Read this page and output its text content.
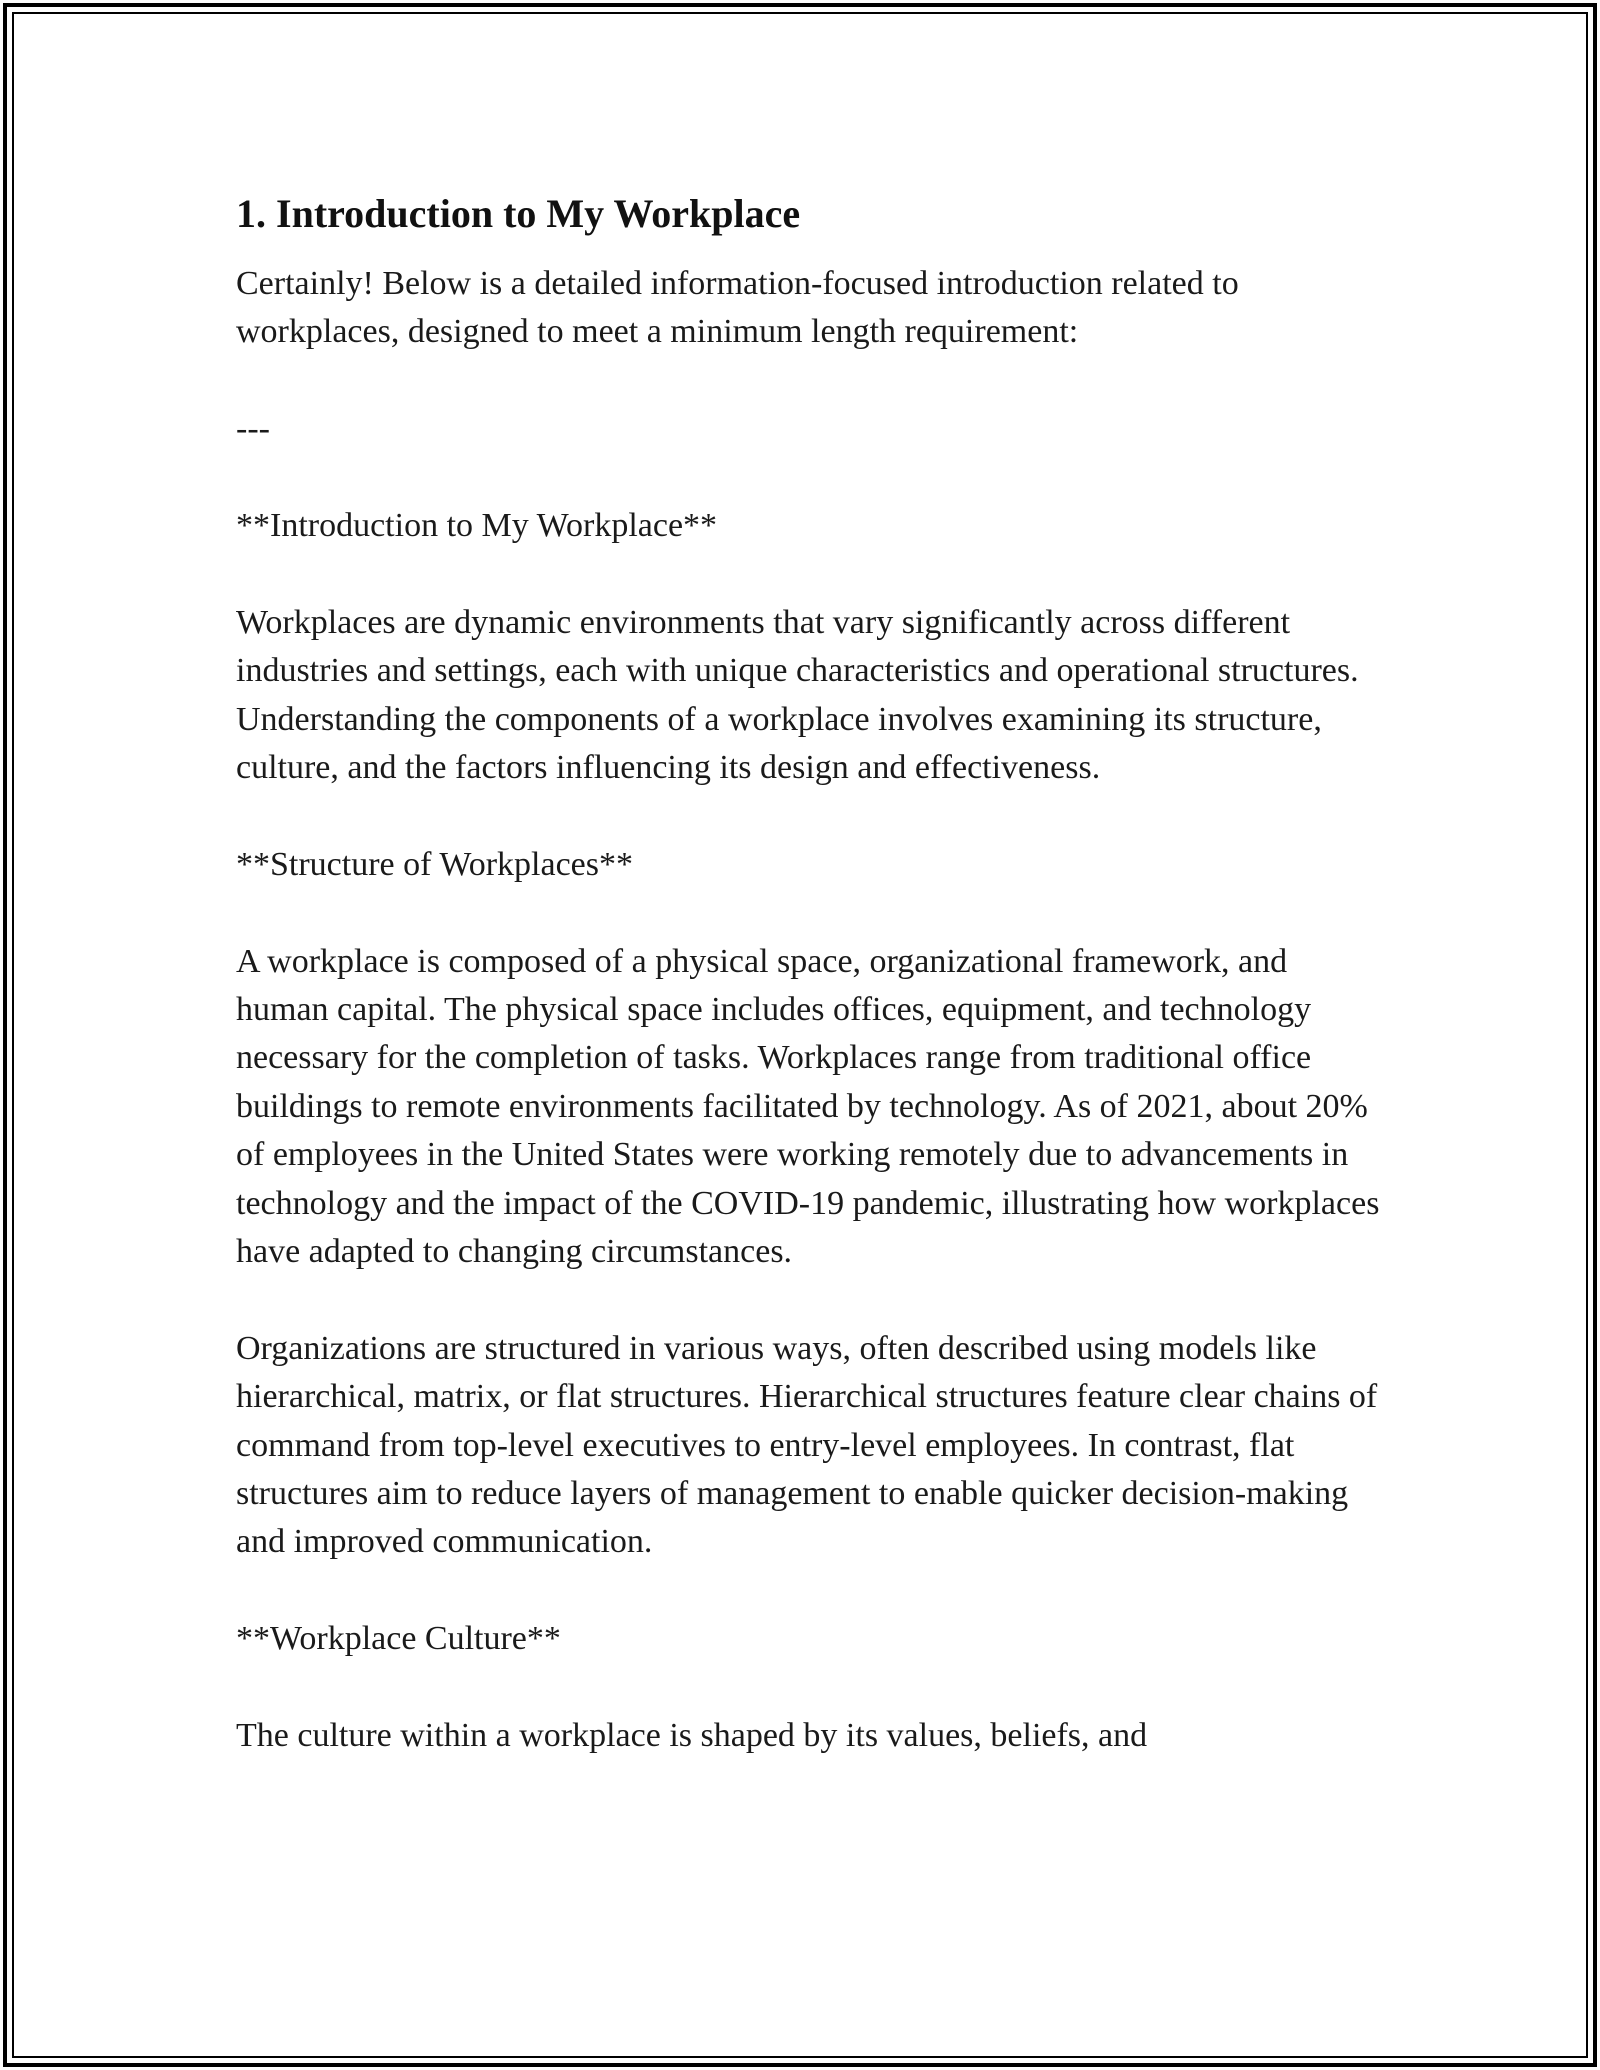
1. Introduction to My Workplace

Certainly! Below is a detailed information-focused introduction related to workplaces, designed to meet a minimum length requirement:

---

**Introduction to My Workplace**

Workplaces are dynamic environments that vary significantly across different industries and settings, each with unique characteristics and operational structures. Understanding the components of a workplace involves examining its structure, culture, and the factors influencing its design and effectiveness.

**Structure of Workplaces**

A workplace is composed of a physical space, organizational framework, and human capital. The physical space includes offices, equipment, and technology necessary for the completion of tasks. Workplaces range from traditional office buildings to remote environments facilitated by technology. As of 2021, about 20% of employees in the United States were working remotely due to advancements in technology and the impact of the COVID-19 pandemic, illustrating how workplaces have adapted to changing circumstances.

Organizations are structured in various ways, often described using models like hierarchical, matrix, or flat structures. Hierarchical structures feature clear chains of command from top-level executives to entry-level employees. In contrast, flat structures aim to reduce layers of management to enable quicker decision-making and improved communication.

**Workplace Culture**

The culture within a workplace is shaped by its values, beliefs, and
